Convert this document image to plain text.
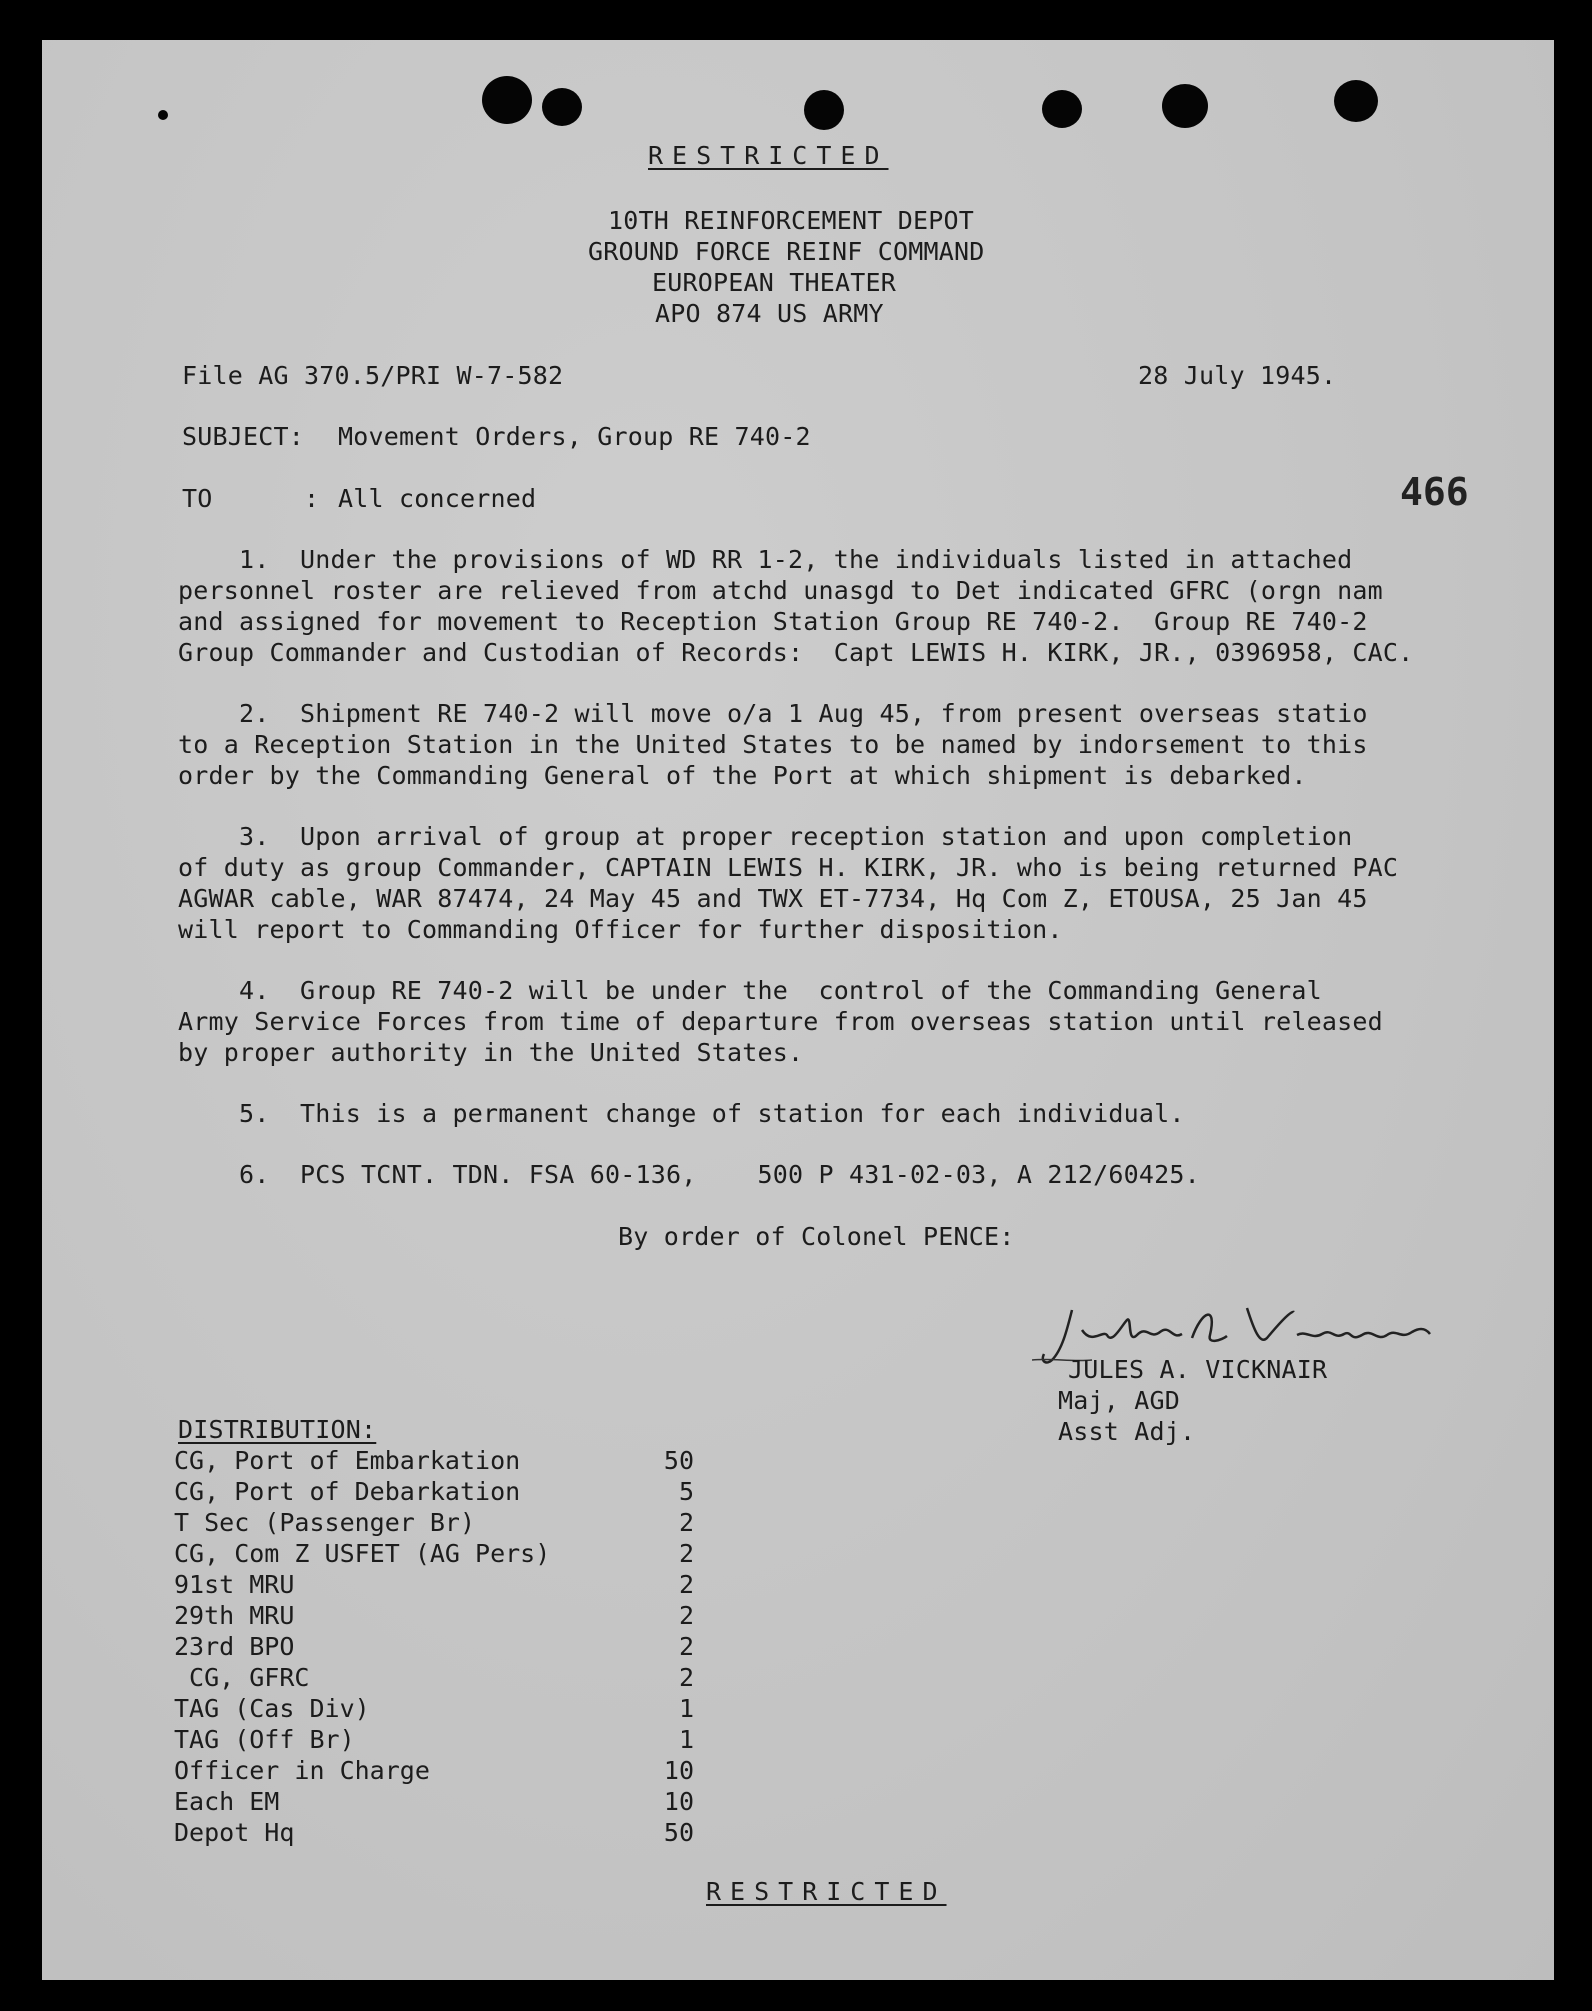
RESTRICTED
10TH REINFORCEMENT DEPOT
GROUND FORCE REINF COMMAND
EUROPEAN THEATER
APO 874 US ARMY
File AG 370.5/PRI W-7-582	28 July 1945.
SUBJECT: Movement Orders, Group RE 740-2
TO      : All concerned	466
1.  Under the provisions of WD RR 1-2, the individuals listed in attached
personnel roster are relieved from atchd unasgd to Det indicated GFRC (orgn nam
and assigned for movement to Reception Station Group RE 740-2.  Group RE 740-2
Group Commander and Custodian of Records:  Capt LEWIS H. KIRK, JR., 0396958, CAC.
2.  Shipment RE 740-2 will move o/a 1 Aug 45, from present overseas statio
to a Reception Station in the United States to be named by indorsement to this
order by the Commanding General of the Port at which shipment is debarked.
3.  Upon arrival of group at proper reception station and upon completion
of duty as group Commander, CAPTAIN LEWIS H. KIRK, JR. who is being returned PAC
AGWAR cable, WAR 87474, 24 May 45 and TWX ET-7734, Hq Com Z, ETOUSA, 25 Jan 45
will report to Commanding Officer for further disposition.
4.  Group RE 740-2 will be under the  control of the Commanding General
Army Service Forces from time of departure from overseas station until released
by proper authority in the United States.
5.  This is a permanent change of station for each individual.
6.  PCS TCNT. TDN. FSA 60-136,    500 P 431-02-03, A 212/60425.
By order of Colonel PENCE:
JULES A. VICKNAIR
Maj, AGD
Asst Adj.
DISTRIBUTION:
CG, Port of Embarkation	50
CG, Port of Debarkation	5
T Sec (Passenger Br)	2
CG, Com Z USFET (AG Pers)	2
91st MRU	2
29th MRU	2
23rd BPO	2
CG, GFRC	2
TAG (Cas Div)	1
TAG (Off Br)	1
Officer in Charge	10
Each EM	10
Depot Hq	50
RESTRICTED
